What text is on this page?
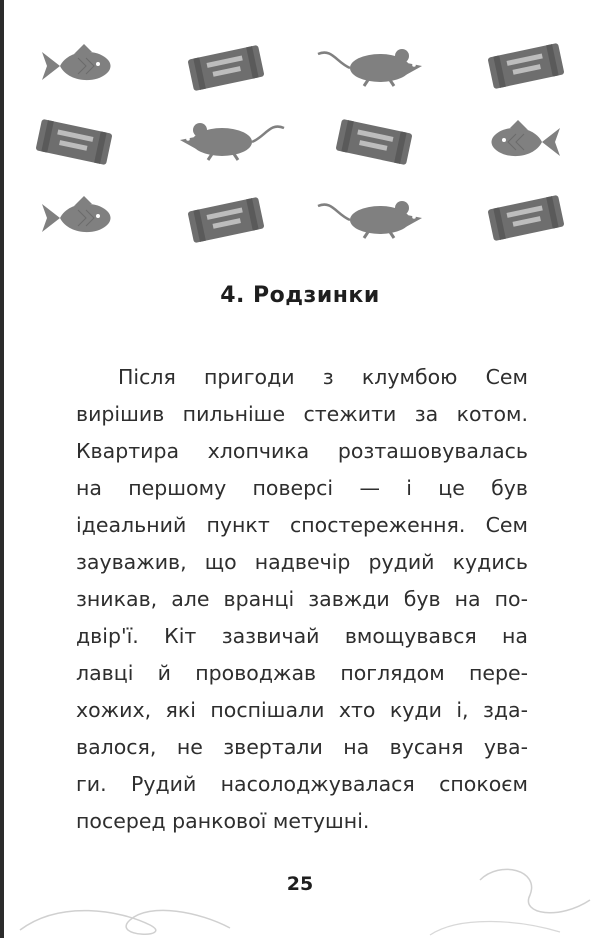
4. Родзинки
Після пригоди з клумбою Сем
вирішив пильніше стежити за котом.
Квартира хлопчика розташовувалась
на першому поверсі — і це був
ідеальний пункт спостереження. Сем
зауважив, що надвечір рудий кудись
зникав, але вранці завжди був на по-
двір'ї. Кіт зазвичай вмощувався на
лавці й проводжав поглядом пере-
хожих, які поспішали хто куди і, зда-
валося, не звертали на вусаня ува-
ги. Рудий насолоджувалася спокоєм
посеред ранкової метушні.
25
